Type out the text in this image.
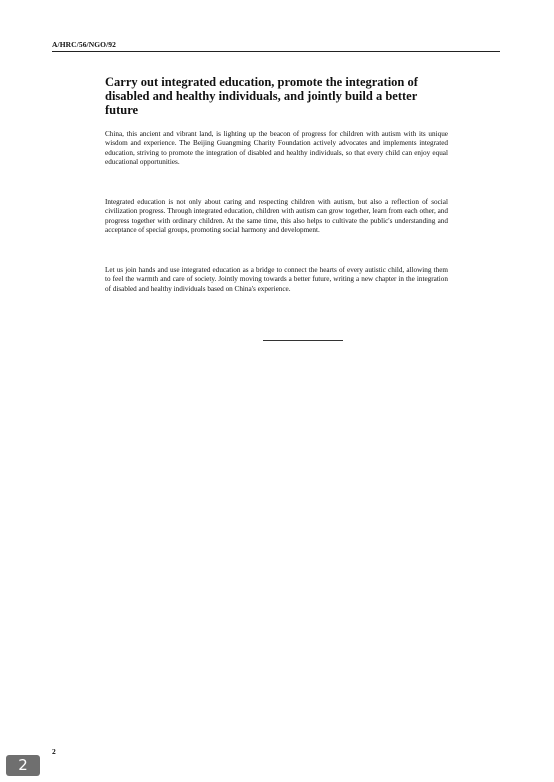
A/HRC/56/NGO/92
Carry out integrated education, promote the integration of disabled and healthy individuals, and jointly build a better future

China, this ancient and vibrant land, is lighting up the beacon of progress for children with autism with its unique wisdom and experience. The Beijing Guangming Charity Foundation actively advocates and implements integrated education, striving to promote the integration of disabled and healthy individuals, so that every child can enjoy equal educational opportunities.

Integrated education is not only about caring and respecting children with autism, but also a reflection of social civilization progress. Through integrated education, children with autism can grow together, learn from each other, and progress together with ordinary children. At the same time, this also helps to cultivate the public's understanding and acceptance of special groups, promoting social harmony and development.

Let us join hands and use integrated education as a bridge to connect the hearts of every autistic child, allowing them to feel the warmth and care of society. Jointly moving towards a better future, writing a new chapter in the integration of disabled and healthy individuals based on China's experience.

2
2
